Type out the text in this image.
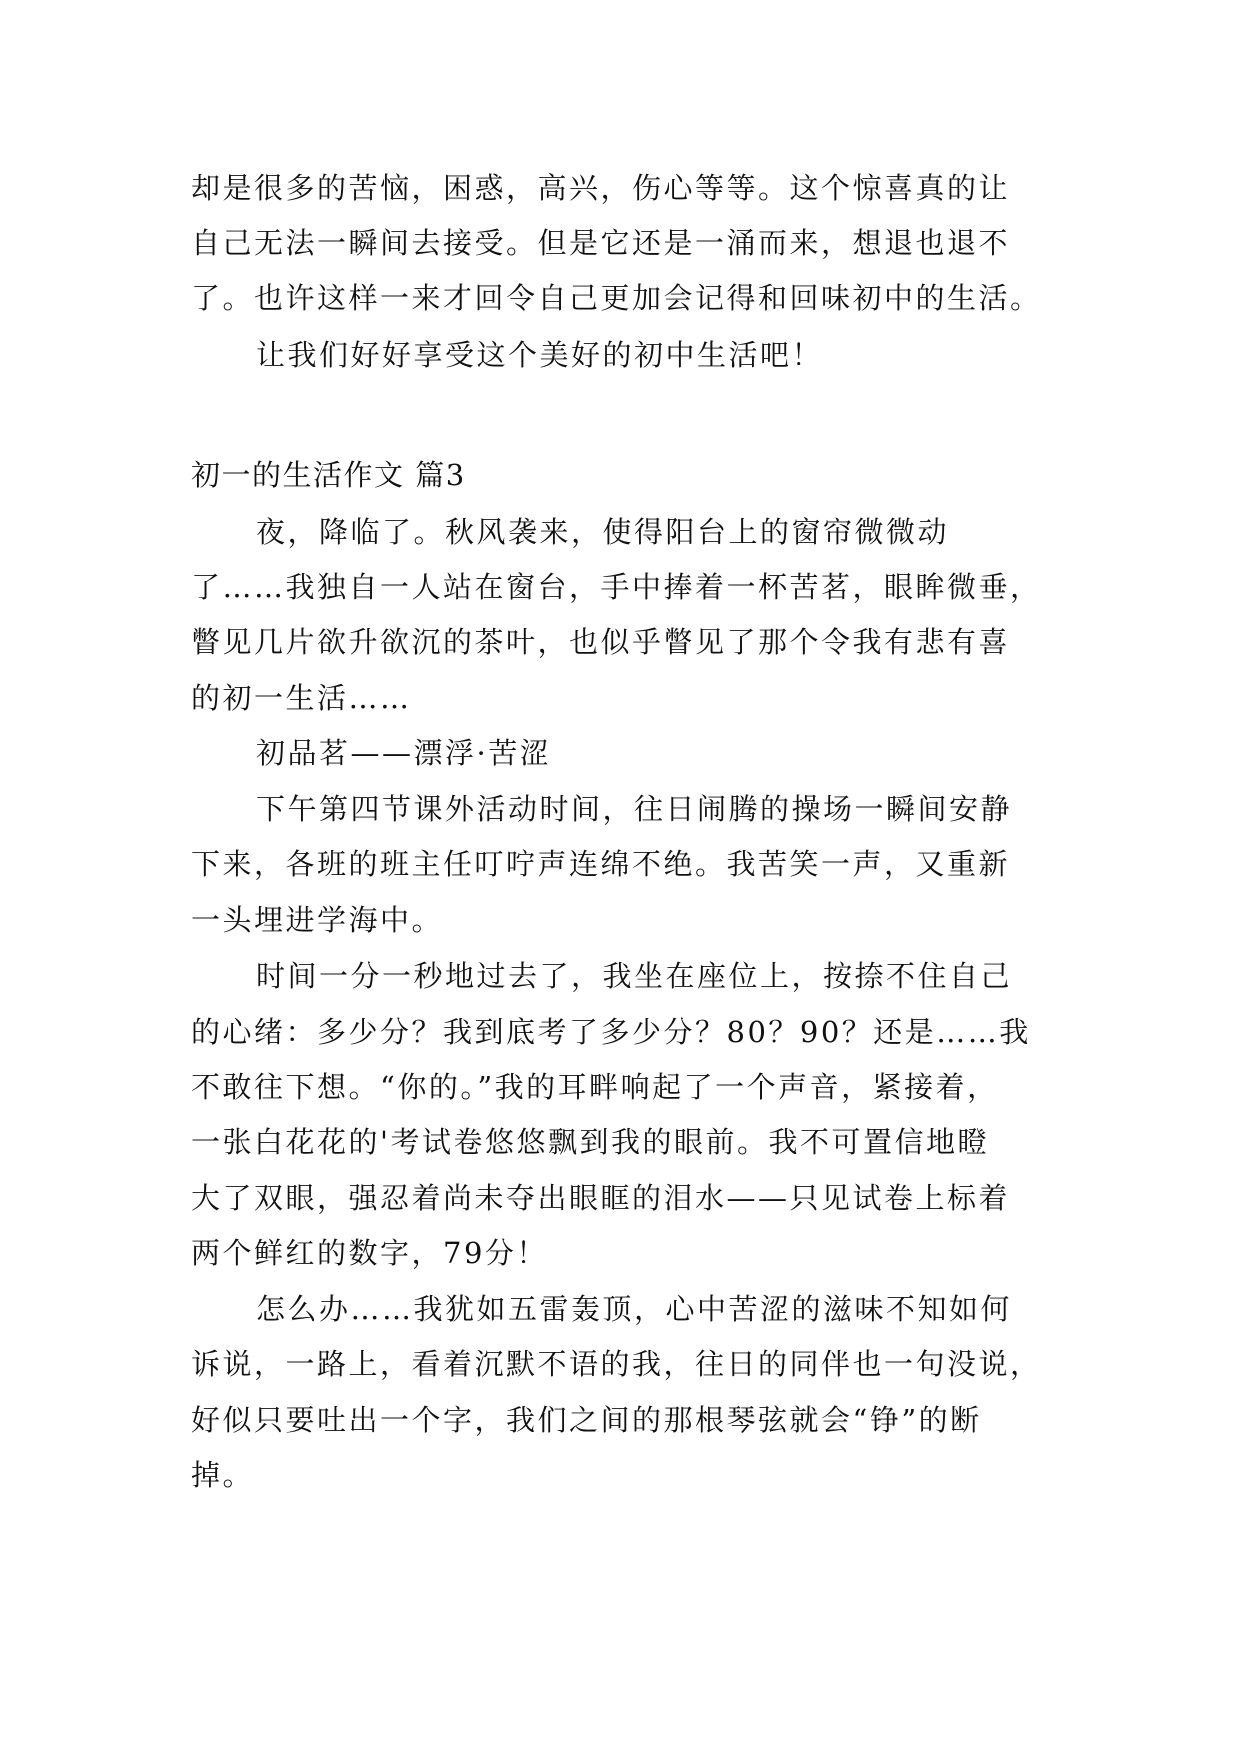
却是很多的苦恼，困惑，高兴，伤心等等。这个惊喜真的让
自己无法一瞬间去接受。但是它还是一涌而来，想退也退不
了。也许这样一来才回令自己更加会记得和回味初中的生活。
让我们好好享受这个美好的初中生活吧！
初一的生活作文 篇3
夜，降临了。秋风袭来，使得阳台上的窗帘微微动
了……我独自一人站在窗台，手中捧着一杯苦茗，眼眸微垂，
瞥见几片欲升欲沉的茶叶，也似乎瞥见了那个令我有悲有喜
的初一生活……
初品茗——漂浮·苦涩
下午第四节课外活动时间，往日闹腾的操场一瞬间安静
下来，各班的班主任叮咛声连绵不绝。我苦笑一声，又重新
一头埋进学海中。
时间一分一秒地过去了，我坐在座位上，按捺不住自己
的心绪：多少分？我到底考了多少分？80？90？还是……我
不敢往下想。“你的。”我的耳畔响起了一个声音，紧接着，
一张白花花的'考试卷悠悠飘到我的眼前。我不可置信地瞪
大了双眼，强忍着尚未夺出眼眶的泪水——只见试卷上标着
两个鲜红的数字，79分！
怎么办……我犹如五雷轰顶，心中苦涩的滋味不知如何
诉说，一路上，看着沉默不语的我，往日的同伴也一句没说，
好似只要吐出一个字，我们之间的那根琴弦就会“铮”的断
掉。
